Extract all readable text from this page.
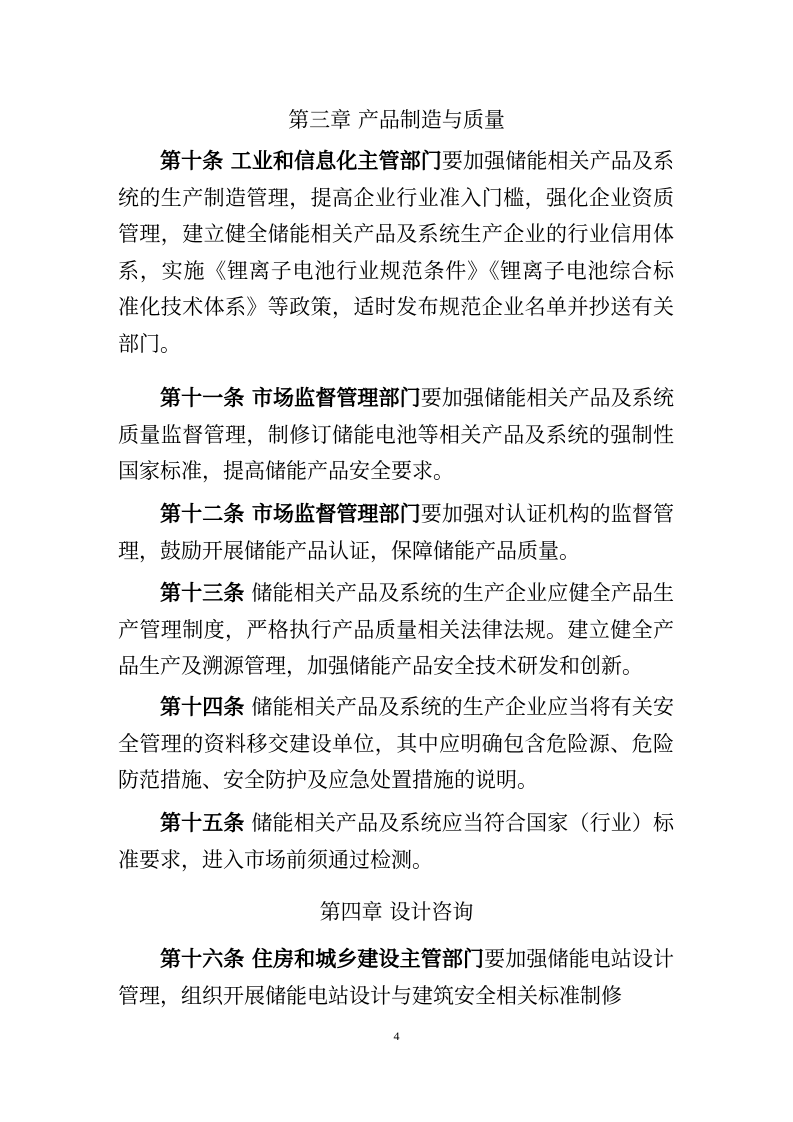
第三章 产品制造与质量

第十条 工业和信息化主管部门要加强储能相关产品及系统的生产制造管理，提高企业行业准入门槛，强化企业资质管理，建立健全储能相关产品及系统生产企业的行业信用体系，实施《锂离子电池行业规范条件》《锂离子电池综合标准化技术体系》等政策，适时发布规范企业名单并抄送有关部门。

第十一条 市场监督管理部门要加强储能相关产品及系统质量监督管理，制修订储能电池等相关产品及系统的强制性国家标准，提高储能产品安全要求。

第十二条 市场监督管理部门要加强对认证机构的监督管理，鼓励开展储能产品认证，保障储能产品质量。

第十三条 储能相关产品及系统的生产企业应健全产品生产管理制度，严格执行产品质量相关法律法规。建立健全产品生产及溯源管理，加强储能产品安全技术研发和创新。

第十四条 储能相关产品及系统的生产企业应当将有关安全管理的资料移交建设单位，其中应明确包含危险源、危险防范措施、安全防护及应急处置措施的说明。

第十五条 储能相关产品及系统应当符合国家（行业）标准要求，进入市场前须通过检测。

第四章 设计咨询

第十六条 住房和城乡建设主管部门要加强储能电站设计管理，组织开展储能电站设计与建筑安全相关标准制修

4
